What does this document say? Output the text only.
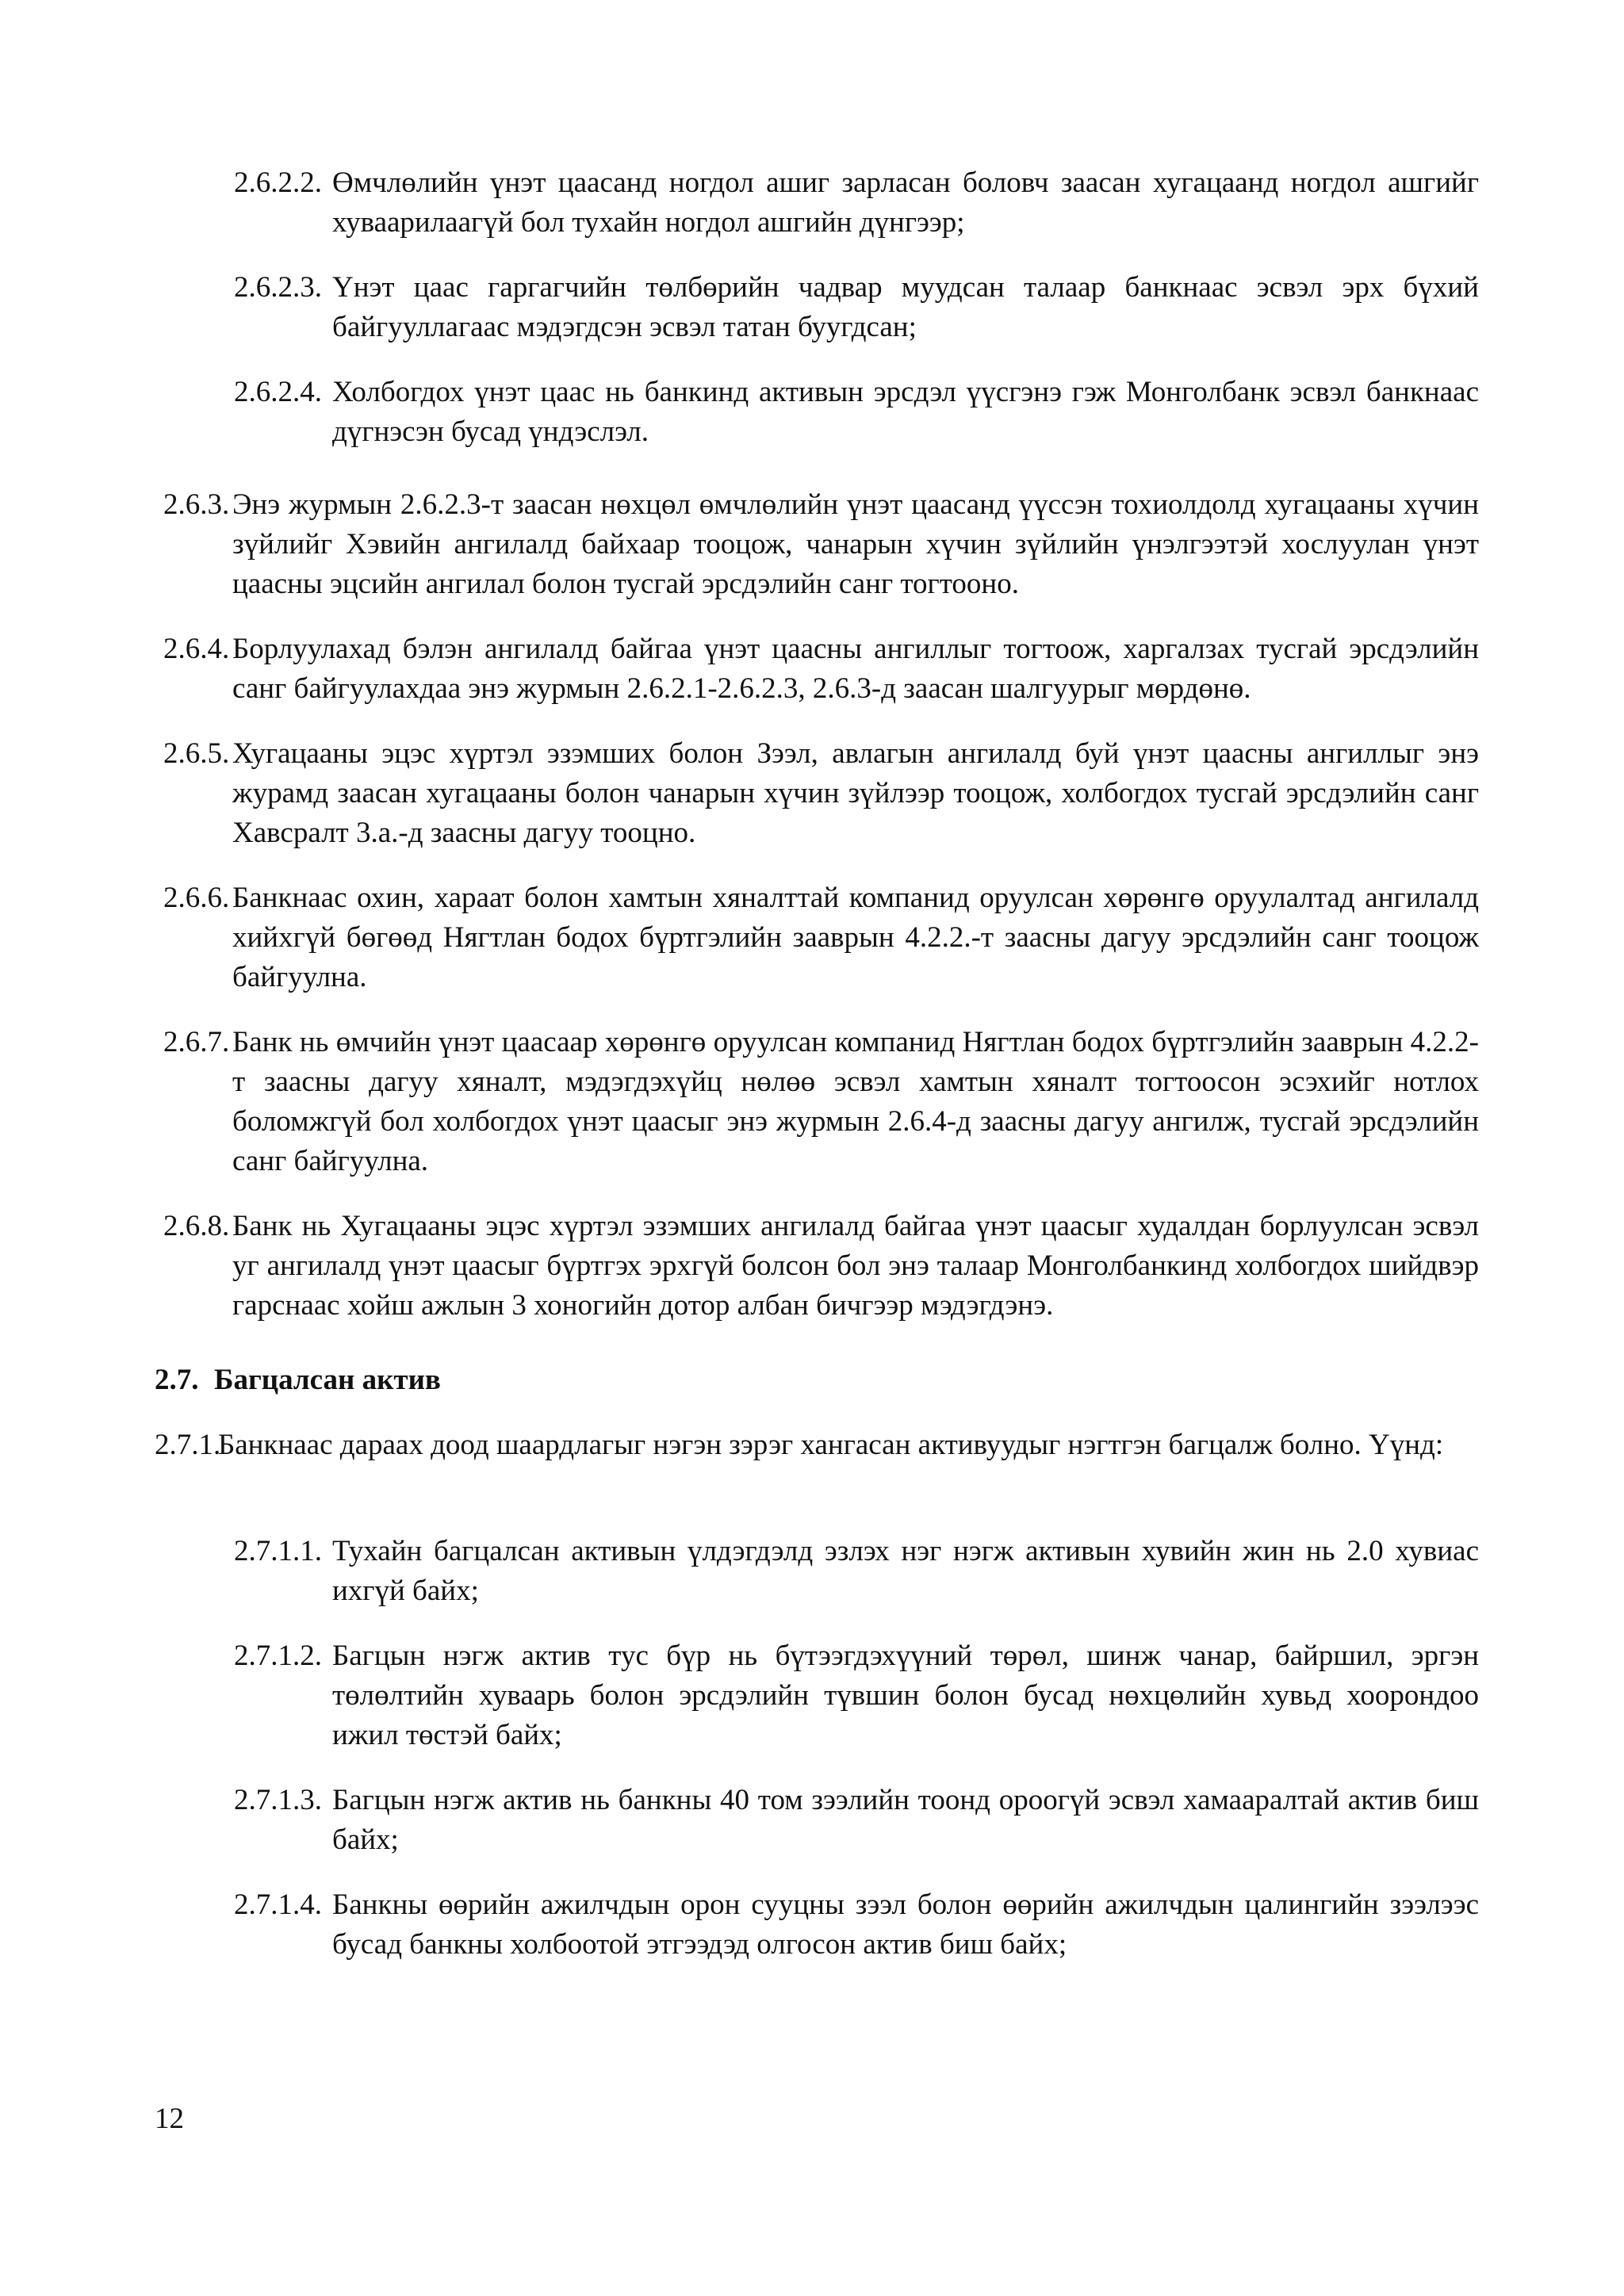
2.6.2.2. Өмчлөлийн үнэт цаасанд ногдол ашиг зарласан боловч заасан хугацаанд ногдол ашгийг хуваарилаагүй бол тухайн ногдол ашгийн дүнгээр;
2.6.2.3. Үнэт цаас гаргагчийн төлбөрийн чадвар муудсан талаар банкнаас эсвэл эрх бүхий байгууллагаас мэдэгдсэн эсвэл татан буугдсан;
2.6.2.4. Холбогдох үнэт цаас нь банкинд активын эрсдэл үүсгэнэ гэж Монголбанк эсвэл банкнаас дүгнэсэн бусад үндэслэл.
2.6.3. Энэ журмын 2.6.2.3-т заасан нөхцөл өмчлөлийн үнэт цаасанд үүссэн тохиолдолд хугацааны хүчин зүйлийг Хэвийн ангилалд байхаар тооцож, чанарын хүчин зүйлийн үнэлгээтэй хослуулан үнэт цаасны эцсийн ангилал болон тусгай эрсдэлийн санг тогтооно.
2.6.4. Борлуулахад бэлэн ангилалд байгаа үнэт цаасны ангиллыг тогтоож, харгалзах тусгай эрсдэлийн санг байгуулахдаа энэ журмын 2.6.2.1-2.6.2.3, 2.6.3-д заасан шалгуурыг мөрдөнө.
2.6.5. Хугацааны эцэс хүртэл эзэмших болон Зээл, авлагын ангилалд буй үнэт цаасны ангиллыг энэ журамд заасан хугацааны болон чанарын хүчин зүйлээр тооцож, холбогдох тусгай эрсдэлийн санг Хавсралт 3.а.-д заасны дагуу тооцно.
2.6.6. Банкнаас охин, хараат болон хамтын хяналттай компанид оруулсан хөрөнгө оруулалтад ангилалд хийхгүй бөгөөд Нягтлан бодох бүртгэлийн зааврын 4.2.2.-т заасны дагуу эрсдэлийн санг тооцож байгуулна.
2.6.7. Банк нь өмчийн үнэт цаасаар хөрөнгө оруулсан компанид Нягтлан бодох бүртгэлийн зааврын 4.2.2-т заасны дагуу хяналт, мэдэгдэхүйц нөлөө эсвэл хамтын хяналт тогтоосон эсэхийг нотлох боломжгүй бол холбогдох үнэт цаасыг энэ журмын 2.6.4-д заасны дагуу ангилж, тусгай эрсдэлийн санг байгуулна.
2.6.8. Банк нь Хугацааны эцэс хүртэл эзэмших ангилалд байгаа үнэт цаасыг худалдан борлуулсан эсвэл уг ангилалд үнэт цаасыг бүртгэх эрхгүй болсон бол энэ талаар Монголбанкинд холбогдох шийдвэр гарснаас хойш ажлын 3 хоногийн дотор албан бичгээр мэдэгдэнэ.
2.7. Багцалсан актив
2.7.1.
Банкнаас дараах доод шаардлагыг нэгэн зэрэг хангасан активуудыг нэгтгэн багцалж болно. Үүнд:
2.7.1.1. Тухайн багцалсан активын үлдэгдэлд эзлэх нэг нэгж активын хувийн жин нь 2.0 хувиас ихгүй байх;
2.7.1.2. Багцын нэгж актив тус бүр нь бүтээгдэхүүний төрөл, шинж чанар, байршил, эргэн төлөлтийн хуваарь болон эрсдэлийн түвшин болон бусад нөхцөлийн хувьд хоорондоо ижил төстэй байх;
2.7.1.3. Багцын нэгж актив нь банкны 40 том зээлийн тоонд ороогүй эсвэл хамааралтай актив биш байх;
2.7.1.4. Банкны өөрийн ажилчдын орон сууцны зээл болон өөрийн ажилчдын цалингийн зээлээс бусад банкны холбоотой этгээдэд олгосон актив биш байх;
12
